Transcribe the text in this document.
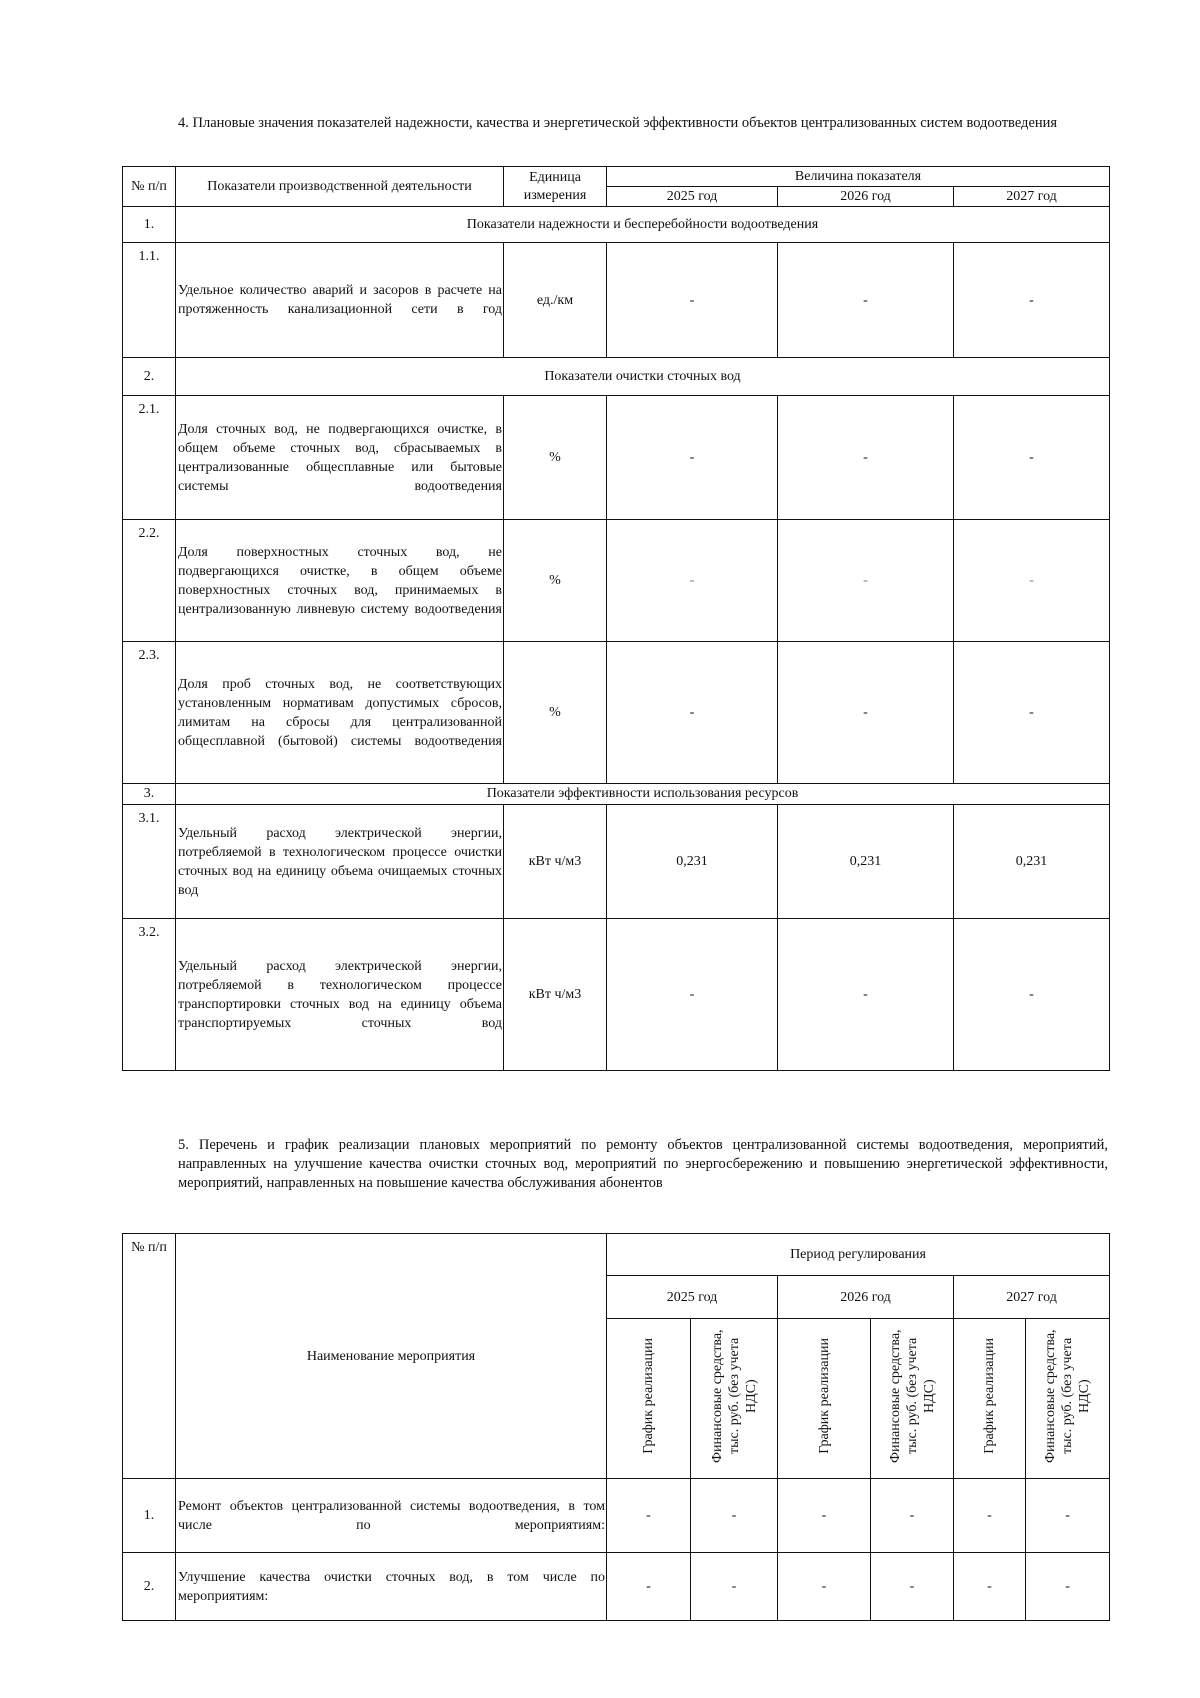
4. Плановые значения показателей надежности, качества и энергетической эффективности объектов централизованных систем водоотведения
№ п/п	Показатели производственной деятельности	Единица измерения	Величина показателя		
			2025 год	2026 год	2027 год
1.	Показатели надежности и бесперебойности водоотведения				
1.1.	Удельное количество аварий и засоров в расчете на протяженность канализационной сети в год	ед./км	-	-	-
2.	Показатели очистки сточных вод				
2.1.	Доля сточных вод, не подвергающихся очистке, в общем объеме сточных вод, сбрасываемых в централизованные общесплавные или бытовые системы водоотведения	%	-	-	-
2.2.	Доля поверхностных сточных вод, не подвергающихся очистке, в общем объеме поверхностных сточных вод, принимаемых в централизованную ливневую систему водоотведения	%	-	-	-
2.3.	Доля проб сточных вод, не соответствующих установленным нормативам допустимых сбросов, лимитам на сбросы для централизованной общесплавной (бытовой) системы водоотведения	%	-	-	-
3.	Показатели эффективности использования ресурсов				
3.1.	Удельный расход электрической энергии, потребляемой в технологическом процессе очистки сточных вод на единицу объема очищаемых сточных вод	кВт ч/м3	0,231	0,231	0,231
3.2.	Удельный расход электрической энергии, потребляемой в технологическом процессе транспортировки сточных вод на единицу объема транспортируемых сточных вод	кВт ч/м3	-	-	-
5. Перечень и график реализации плановых мероприятий по ремонту объектов централизованной системы водоотведения, мероприятий, направленных на улучшение качества очистки сточных вод, мероприятий по энергосбережению и повышению энергетической эффективности, мероприятий, направленных на повышение качества обслуживания абонентов
№ п/п	Наименование мероприятия	Период регулирования					
		2025 год		2026 год		2027 год	
		График реализации	Финансовые средства, тыс. руб. (без учета НДС)	График реализации	Финансовые средства, тыс. руб. (без учета НДС)	График реализации	Финансовые средства, тыс. руб. (без учета НДС)
1.	Ремонт объектов централизованной системы водоотведения, в том числе по мероприятиям:	-	-	-	-	-	-
2.	Улучшение качества очистки сточных вод, в том числе по мероприятиям:	-	-	-	-	-	-
